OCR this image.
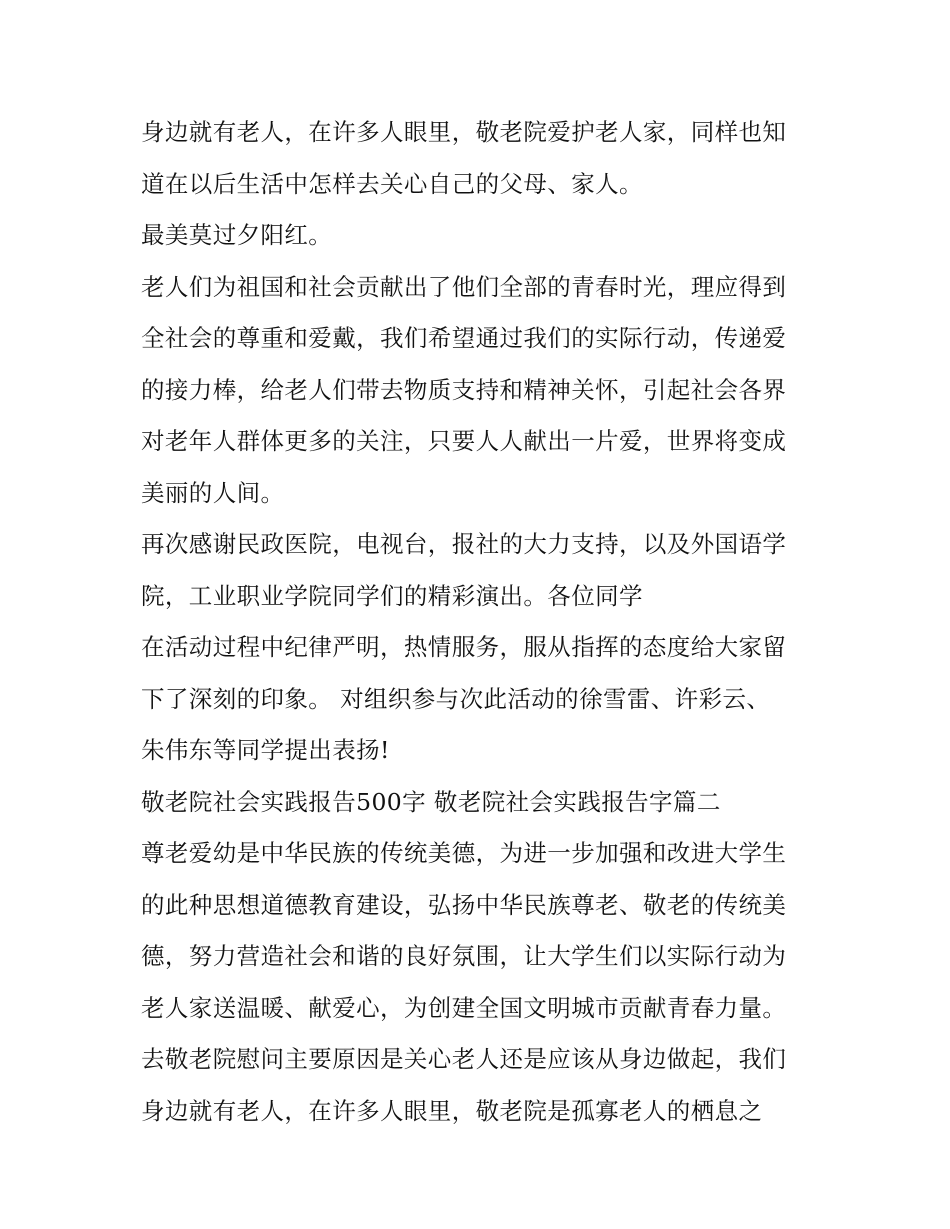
身边就有老人，在许多人眼里，敬老院爱护老人家，同样也知
道在以后生活中怎样去关心自己的父母、家人。
最美莫过夕阳红。
老人们为祖国和社会贡献出了他们全部的青春时光，理应得到
全社会的尊重和爱戴，我们希望通过我们的实际行动，传递爱
的接力棒，给老人们带去物质支持和精神关怀，引起社会各界
对老年人群体更多的关注，只要人人献出一片爱，世界将变成
美丽的人间。
再次感谢民政医院，电视台，报社的大力支持，以及外国语学
院，工业职业学院同学们的精彩演出。各位同学
在活动过程中纪律严明，热情服务，服从指挥的态度给大家留
下了深刻的印象。 对组织参与次此活动的徐雪雷、许彩云、
朱伟东等同学提出表扬!
敬老院社会实践报告500字 敬老院社会实践报告字篇二
尊老爱幼是中华民族的传统美德，为进一步加强和改进大学生
的此种思想道德教育建设，弘扬中华民族尊老、敬老的传统美
德，努力营造社会和谐的良好氛围，让大学生们以实际行动为
老人家送温暖、献爱心，为创建全国文明城市贡献青春力量。
去敬老院慰问主要原因是关心老人还是应该从身边做起，我们
身边就有老人，在许多人眼里，敬老院是孤寡老人的栖息之
